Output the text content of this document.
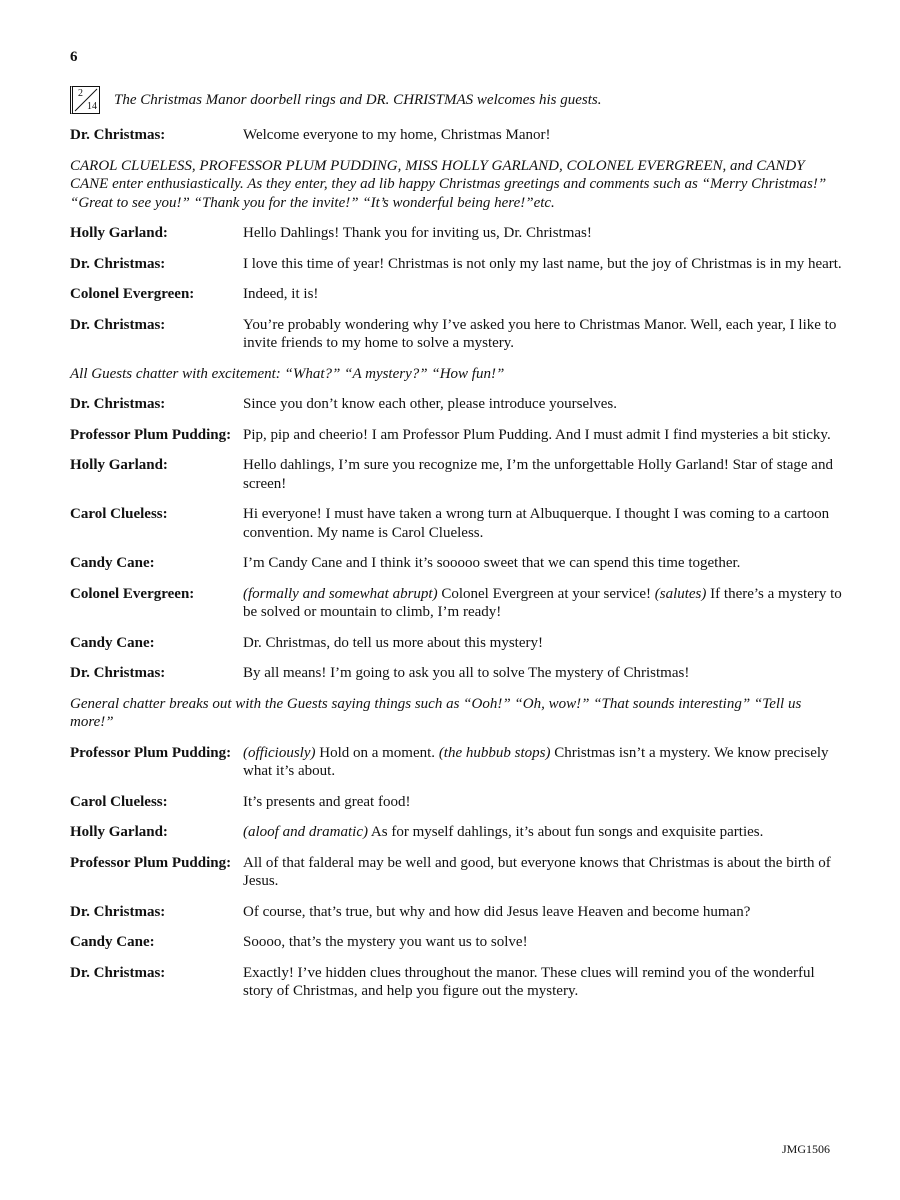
6
2
14 The Christmas Manor doorbell rings and DR. CHRISTMAS welcomes his guests.
Dr. Christmas:	Welcome everyone to my home, Christmas Manor!
CAROL CLUELESS, PROFESSOR PLUM PUDDING, MISS HOLLY GARLAND, COLONEL EVERGREEN, and CANDY CANE enter enthusiastically. As they enter, they ad lib happy Christmas greetings and comments such as “Merry Christmas!” “Great to see you!” “Thank you for the invite!” “It’s wonderful being here!”etc.
Holly Garland:	Hello Dahlings! Thank you for inviting us, Dr. Christmas!
Dr. Christmas:	I love this time of year! Christmas is not only my last name, but the joy of Christmas is in my heart.
Colonel Evergreen:	Indeed, it is!
Dr. Christmas:	You’re probably wondering why I’ve asked you here to Christmas Manor. Well, each year, I like to invite friends to my home to solve a mystery.
All Guests chatter with excitement: “What?” “A mystery?” “How fun!”
Dr. Christmas:	Since you don’t know each other, please introduce yourselves.
Professor Plum Pudding: Pip, pip and cheerio! I am Professor Plum Pudding. And I must admit I find mysteries a bit sticky.
Holly Garland:	Hello dahlings, I’m sure you recognize me, I’m the unforgettable Holly Garland! Star of stage and screen!
Carol Clueless:	Hi everyone! I must have taken a wrong turn at Albuquerque. I thought I was coming to a cartoon convention. My name is Carol Clueless.
Candy Cane:	I’m Candy Cane and I think it’s sooooo sweet that we can spend this time together.
Colonel Evergreen:	(formally and somewhat abrupt) Colonel Evergreen at your service! (salutes) If there’s a mystery to be solved or mountain to climb, I’m ready!
Candy Cane:	Dr. Christmas, do tell us more about this mystery!
Dr. Christmas:	By all means! I’m going to ask you all to solve The mystery of Christmas!
General chatter breaks out with the Guests saying things such as “Ooh!” “Oh, wow!” “That sounds interesting” “Tell us more!”
Professor Plum Pudding: (officiously) Hold on a moment. (the hubbub stops) Christmas isn’t a mystery. We know precisely what it’s about.
Carol Clueless:	It’s presents and great food!
Holly Garland:	(aloof and dramatic) As for myself dahlings, it’s about fun songs and exquisite parties.
Professor Plum Pudding: All of that falderal may be well and good, but everyone knows that Christmas is about the birth of Jesus.
Dr. Christmas:	Of course, that’s true, but why and how did Jesus leave Heaven and become human?
Candy Cane:	Soooo, that’s the mystery you want us to solve!
Dr. Christmas:	Exactly! I’ve hidden clues throughout the manor. These clues will remind you of the wonderful story of Christmas, and help you figure out the mystery.
JMG1506
